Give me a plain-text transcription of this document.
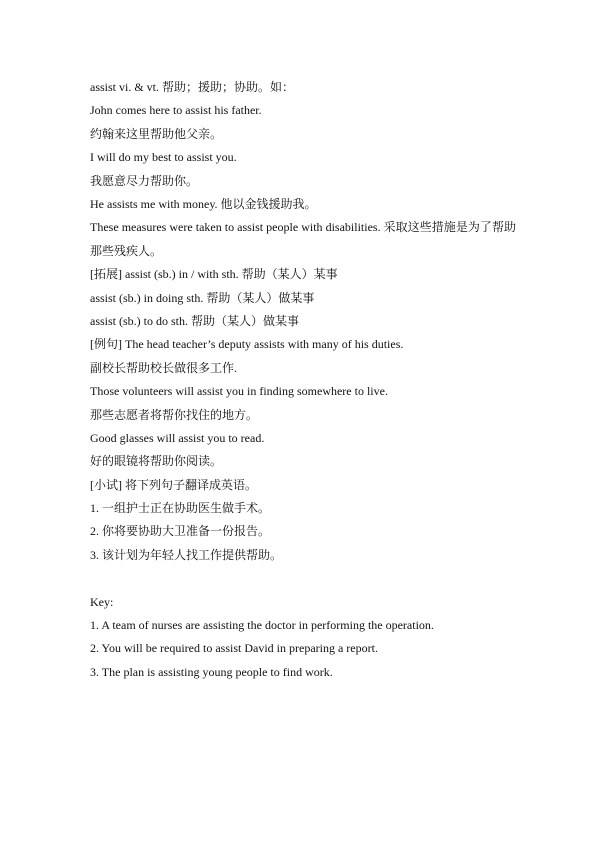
assist vi. & vt. 帮助；援助；协助。如：

John comes here to assist his father.

约翰来这里帮助他父亲。

I will do my best to assist you.

我愿意尽力帮助你。

He assists me with money. 他以金钱援助我。

These measures were taken to assist people with disabilities. 采取这些措施是为了帮助那些残疾人。

[拓展] assist (sb.) in / with sth. 帮助（某人）某事

assist (sb.) in doing sth. 帮助（某人）做某事

assist (sb.) to do sth. 帮助（某人）做某事

[例句] The head teacher’s deputy assists with many of his duties.

副校长帮助校长做很多工作.

Those volunteers will assist you in finding somewhere to live.

那些志愿者将帮你找住的地方。

Good glasses will assist you to read.

好的眼镜将帮助你阅读。

[小试] 将下列句子翻译成英语。

1. 一组护士正在协助医生做手术。

2. 你将要协助大卫准备一份报告。

3. 该计划为年轻人找工作提供帮助。

Key:

1. A team of nurses are assisting the doctor in performing the operation.

2. You will be required to assist David in preparing a report.

3. The plan is assisting young people to find work.
